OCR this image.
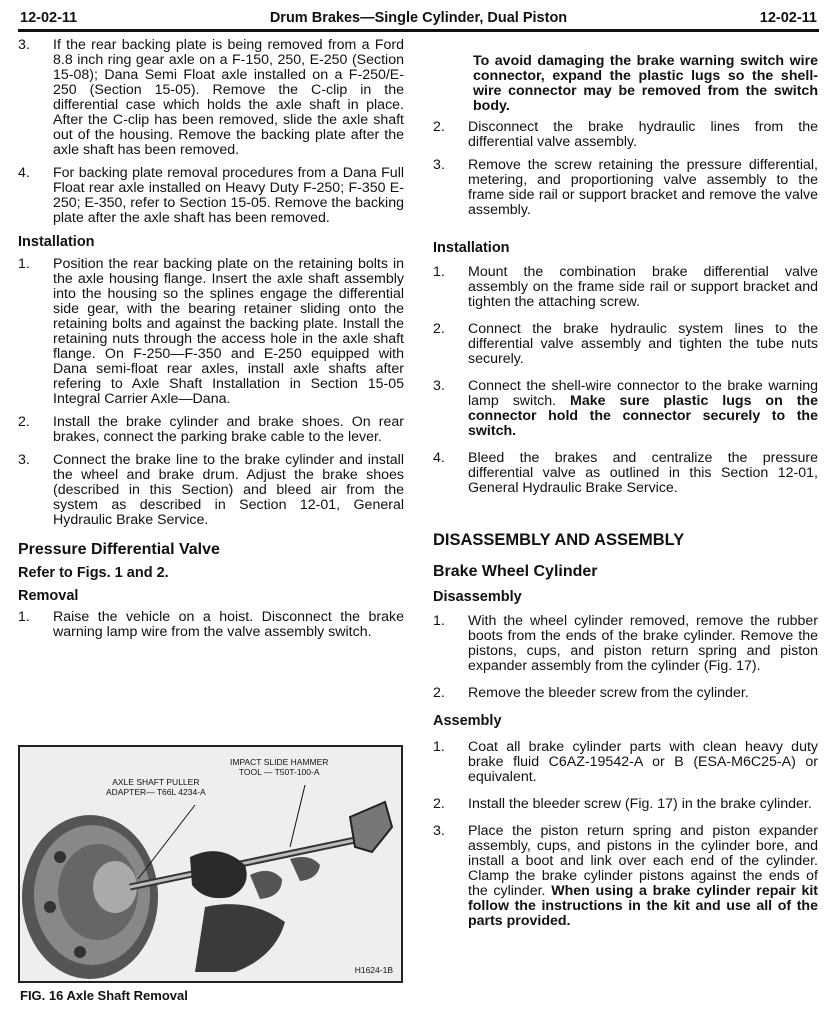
12-02-11	Drum Brakes—Single Cylinder, Dual Piston	12-02-11
3.	If the rear backing plate is being removed from a Ford 8.8 inch ring gear axle on a F-150, 250, E-250 (Section 15-08); Dana Semi Float axle installed on a F-250/E-250 (Section 15-05). Remove the C-clip in the differential case which holds the axle shaft in place. After the C-clip has been removed, slide the axle shaft out of the housing. Remove the backing plate after the axle shaft has been removed.
4.	For backing plate removal procedures from a Dana Full Float rear axle installed on Heavy Duty F-250; F-350 E-250; E-350, refer to Section 15-05. Remove the backing plate after the axle shaft has been removed.
Installation
1.	Position the rear backing plate on the retaining bolts in the axle housing flange. Insert the axle shaft assembly into the housing so the splines engage the differential side gear, with the bearing retainer sliding onto the retaining bolts and against the backing plate. Install the retaining nuts through the access hole in the axle shaft flange. On F-250—F-350 and E-250 equipped with Dana semi-float rear axles, install axle shafts after refering to Axle Shaft Installation in Section 15-05 Integral Carrier Axle—Dana.
2.	Install the brake cylinder and brake shoes. On rear brakes, connect the parking brake cable to the lever.
3.	Connect the brake line to the brake cylinder and install the wheel and brake drum. Adjust the brake shoes (described in this Section) and bleed air from the system as described in Section 12-01, General Hydraulic Brake Service.
Pressure Differential Valve
Refer to Figs. 1 and 2.
Removal
1.	Raise the vehicle on a hoist. Disconnect the brake warning lamp wire from the valve assembly switch.
IMPACT SLIDE HAMMER
TOOL — T50T-100-A
AXLE SHAFT PULLER
ADAPTER— T66L 4234-A
H1624-1B
FIG. 16 Axle Shaft Removal
To avoid damaging the brake warning switch wire connector, expand the plastic lugs so the shell-wire connector may be removed from the switch body.
2.	Disconnect the brake hydraulic lines from the differential valve assembly.
3.	Remove the screw retaining the pressure differential, metering, and proportioning valve assembly to the frame side rail or support bracket and remove the valve assembly.
Installation
1.	Mount the combination brake differential valve assembly on the frame side rail or support bracket and tighten the attaching screw.
2.	Connect the brake hydraulic system lines to the differential valve assembly and tighten the tube nuts securely.
3.	Connect the shell-wire connector to the brake warning lamp switch. Make sure plastic lugs on the connector hold the connector securely to the switch.
4.	Bleed the brakes and centralize the pressure differential valve as outlined in this Section 12-01, General Hydraulic Brake Service.
DISASSEMBLY AND ASSEMBLY
Brake Wheel Cylinder
Disassembly
1.	With the wheel cylinder removed, remove the rubber boots from the ends of the brake cylinder. Remove the pistons, cups, and piston return spring and piston expander assembly from the cylinder (Fig. 17).
2.	Remove the bleeder screw from the cylinder.
Assembly
1.	Coat all brake cylinder parts with clean heavy duty brake fluid C6AZ-19542-A or B (ESA-M6C25-A) or equivalent.
2.	Install the bleeder screw (Fig. 17) in the brake cylinder.
3.	Place the piston return spring and piston expander assembly, cups, and pistons in the cylinder bore, and install a boot and link over each end of the cylinder. Clamp the brake cylinder pistons against the ends of the cylinder. When using a brake cylinder repair kit follow the instructions in the kit and use all of the parts provided.
